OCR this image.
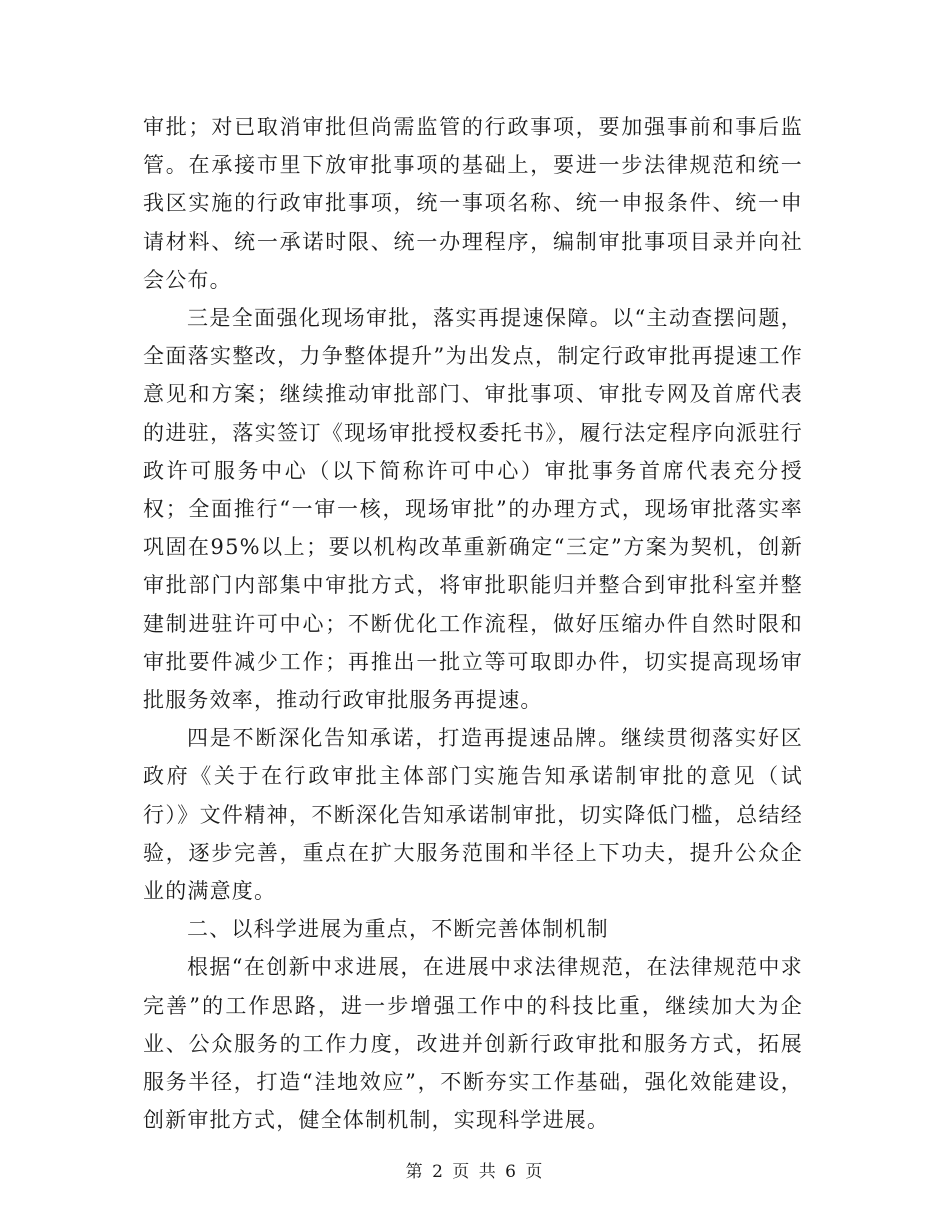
审批；对已取消审批但尚需监管的行政事项，要加强事前和事后监管。在承接市里下放审批事项的基础上，要进一步法律规范和统一我区实施的行政审批事项，统一事项名称、统一申报条件、统一申请材料、统一承诺时限、统一办理程序，编制审批事项目录并向社会公布。

三是全面强化现场审批，落实再提速保障。以“主动查摆问题，全面落实整改，力争整体提升”为出发点，制定行政审批再提速工作意见和方案；继续推动审批部门、审批事项、审批专网及首席代表的进驻，落实签订《现场审批授权委托书》，履行法定程序向派驻行政许可服务中心（以下简称许可中心）审批事务首席代表充分授权；全面推行“一审一核，现场审批”的办理方式，现场审批落实率巩固在95%以上；要以机构改革重新确定“三定”方案为契机，创新审批部门内部集中审批方式，将审批职能归并整合到审批科室并整建制进驻许可中心；不断优化工作流程，做好压缩办件自然时限和审批要件减少工作；再推出一批立等可取即办件，切实提高现场审批服务效率，推动行政审批服务再提速。

四是不断深化告知承诺，打造再提速品牌。继续贯彻落实好区政府《关于在行政审批主体部门实施告知承诺制审批的意见（试行）》文件精神，不断深化告知承诺制审批，切实降低门槛，总结经验，逐步完善，重点在扩大服务范围和半径上下功夫，提升公众企业的满意度。

二、以科学进展为重点，不断完善体制机制

根据“在创新中求进展，在进展中求法律规范，在法律规范中求完善”的工作思路，进一步增强工作中的科技比重，继续加大为企业、公众服务的工作力度，改进并创新行政审批和服务方式，拓展服务半径，打造“洼地效应”，不断夯实工作基础，强化效能建设，创新审批方式，健全体制机制，实现科学进展。

第 2 页 共 6 页
